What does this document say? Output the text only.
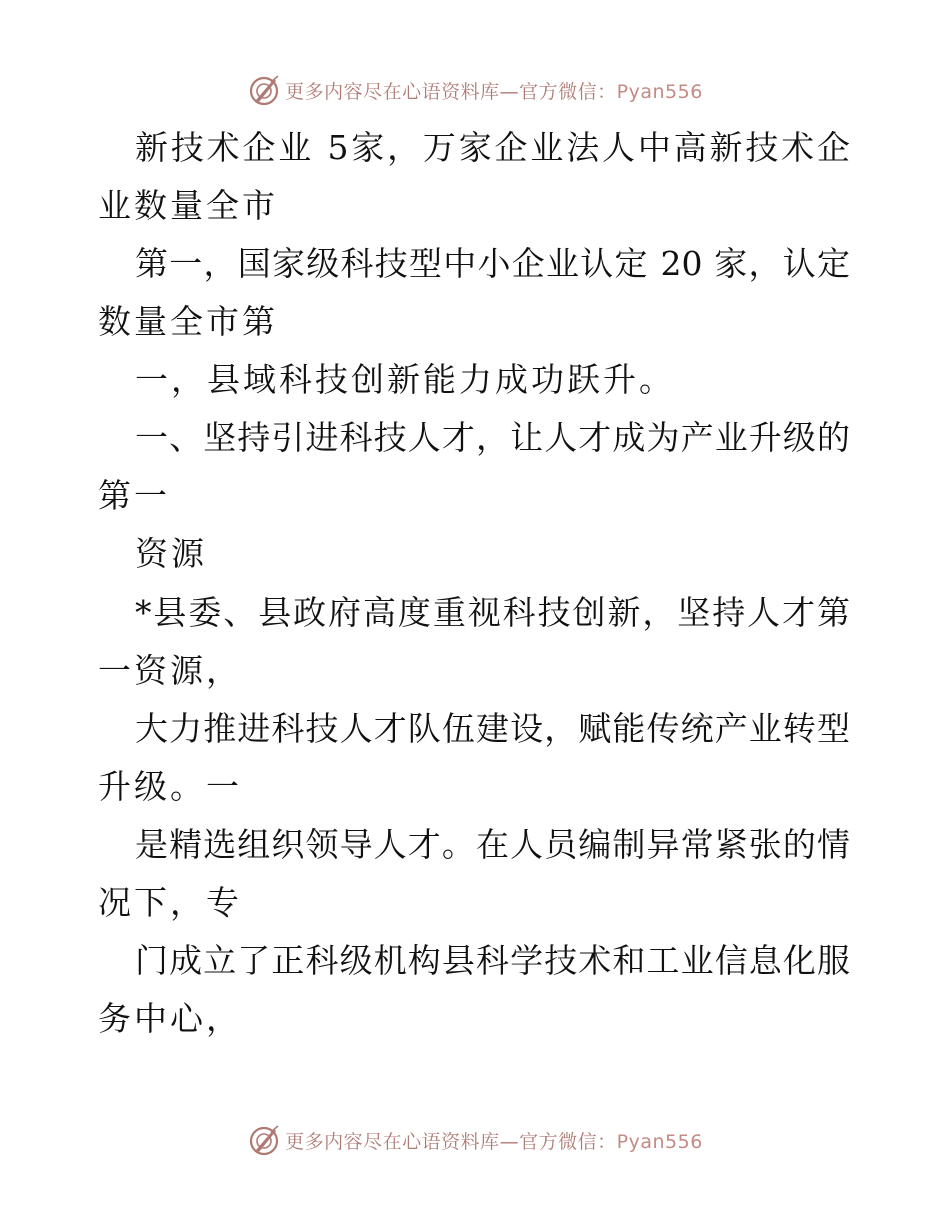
更多内容尽在心语资料库—官方微信：Pyan556
新技术企业 5家，万家企业法人中高新技术企
业数量全市
第一，国家级科技型中小企业认定 20 家，认定
数量全市第
一，县域科技创新能力成功跃升。
一、坚持引进科技人才，让人才成为产业升级的
第一
资源
*县委、县政府高度重视科技创新，坚持人才第
一资源，
大力推进科技人才队伍建设，赋能传统产业转型
升级。一
是精选组织领导人才。在人员编制异常紧张的情
况下，专
门成立了正科级机构县科学技术和工业信息化服
务中心，
更多内容尽在心语资料库—官方微信：Pyan556
